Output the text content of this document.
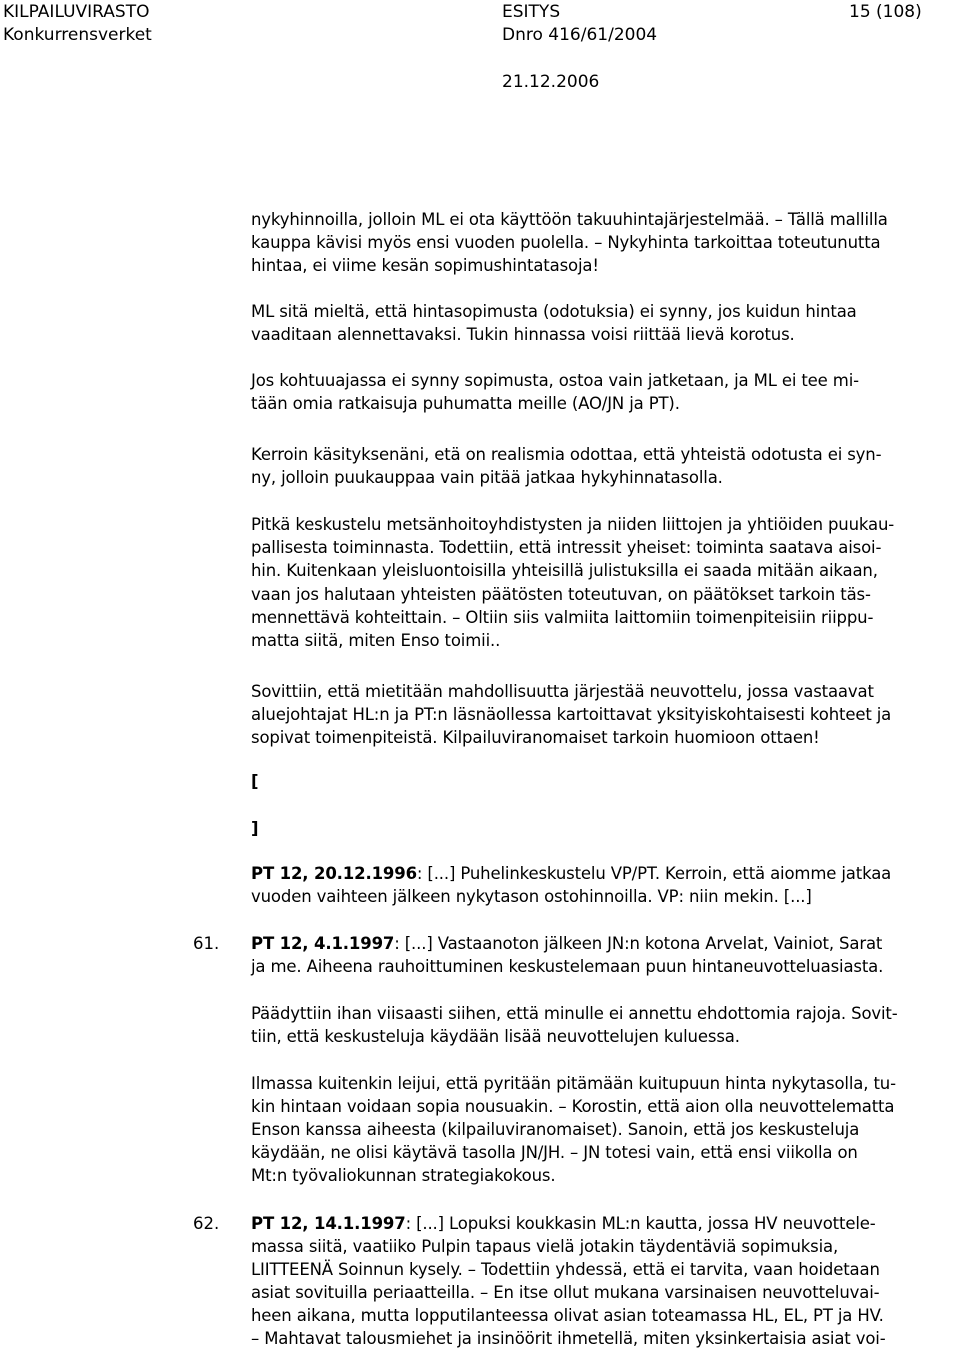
KILPAILUVIRASTO
Konkurrensverket
ESITYS
Dnro 416/61/2004
15 (108)
21.12.2006
nykyhinnoilla, jolloin ML ei ota käyttöön takuuhintajärjestelmää. – Tällä mallilla
kauppa kävisi myös ensi vuoden puolella. – Nykyhinta tarkoittaa toteutunutta
hintaa, ei viime kesän sopimushintatasoja!
ML sitä mieltä, että hintasopimusta (odotuksia) ei synny, jos kuidun hintaa
vaaditaan alennettavaksi. Tukin hinnassa voisi riittää lievä korotus.
Jos kohtuuajassa ei synny sopimusta, ostoa vain jatketaan, ja ML ei tee mi-
tään omia ratkaisuja puhumatta meille (AO/JN ja PT).
Kerroin käsityksenäni, etä on realismia odottaa, että yhteistä odotusta ei syn-
ny, jolloin puukauppaa vain pitää jatkaa hykyhinnatasolla.
Pitkä keskustelu metsänhoitoyhdistysten ja niiden liittojen ja yhtiöiden puukau-
pallisesta toiminnasta. Todettiin, että intressit yheiset: toiminta saatava aisoi-
hin. Kuitenkaan yleisluontoisilla yhteisillä julistuksilla ei saada mitään aikaan,
vaan jos halutaan yhteisten päätösten toteutuvan, on päätökset tarkoin täs-
mennettävä kohteittain. – Oltiin siis valmiita laittomiin toimenpiteisiin riippu-
matta siitä, miten Enso toimii..
Sovittiin, että mietitään mahdollisuutta järjestää neuvottelu, jossa vastaavat
aluejohtajat HL:n ja PT:n läsnäollessa kartoittavat yksityiskohtaisesti kohteet ja
sopivat toimenpiteistä. Kilpailuviranomaiset tarkoin huomioon ottaen!
[
]
PT 12, 20.12.1996: [...] Puhelinkeskustelu VP/PT. Kerroin, että aiomme jatkaa
vuoden vaihteen jälkeen nykytason ostohinnoilla. VP: niin mekin. [...]
61. PT 12, 4.1.1997: [...] Vastaanoton jälkeen JN:n kotona Arvelat, Vainiot, Sarat
ja me. Aiheena rauhoittuminen keskustelemaan puun hintaneuvotteluasiasta.
Päädyttiin ihan viisaasti siihen, että minulle ei annettu ehdottomia rajoja. Sovit-
tiin, että keskusteluja käydään lisää neuvottelujen kuluessa.
Ilmassa kuitenkin leijui, että pyritään pitämään kuitupuun hinta nykytasolla, tu-
kin hintaan voidaan sopia nousuakin. – Korostin, että aion olla neuvottelematta
Enson kanssa aiheesta (kilpailuviranomaiset). Sanoin, että jos keskusteluja
käydään, ne olisi käytävä tasolla JN/JH. – JN totesi vain, että ensi viikolla on
Mt:n työvaliokunnan strategiakokous.
62. PT 12, 14.1.1997: [...] Lopuksi koukkasin ML:n kautta, jossa HV neuvottele-
massa siitä, vaatiiko Pulpin tapaus vielä jotakin täydentäviä sopimuksia,
LIITTEENÄ Soinnun kysely. – Todettiin yhdessä, että ei tarvita, vaan hoidetaan
asiat sovituilla periaatteilla. – En itse ollut mukana varsinaisen neuvotteluvai-
heen aikana, mutta lopputilanteessa olivat asian toteamassa HL, EL, PT ja HV.
– Mahtavat talousmiehet ja insinöörit ihmetellä, miten yksinkertaisia asiat voi-
